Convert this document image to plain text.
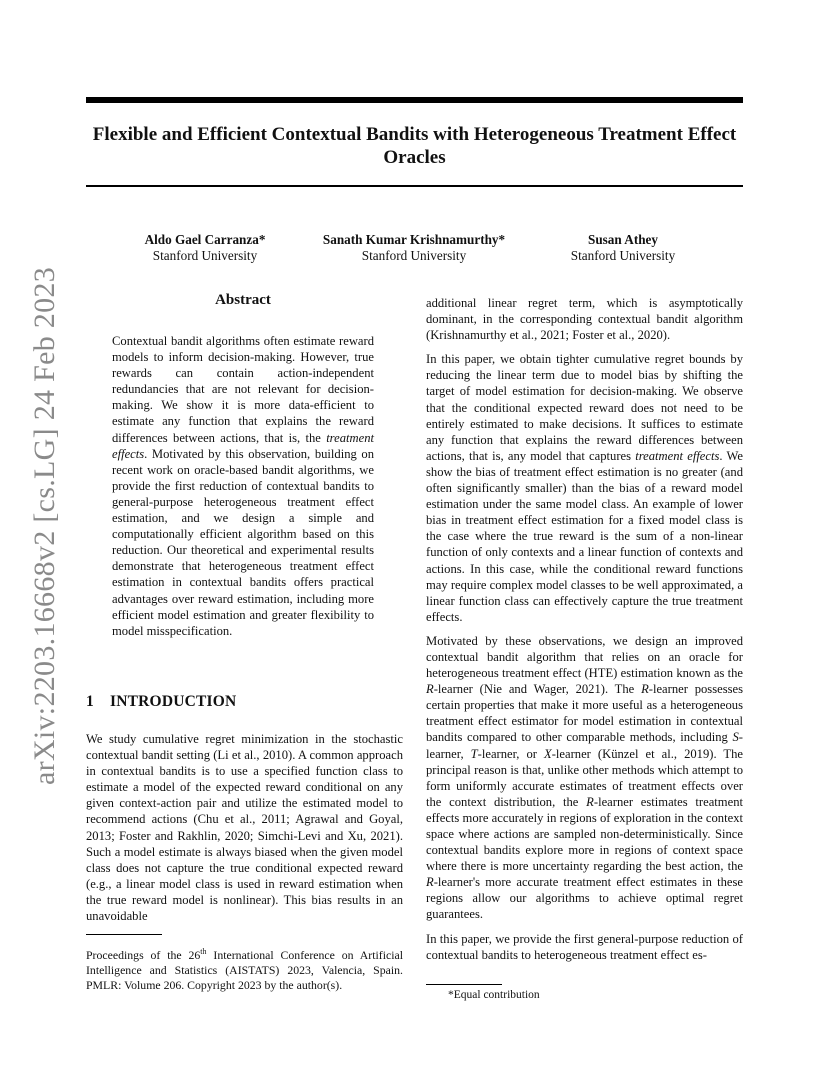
arXiv:2203.16668v2 [cs.LG] 24 Feb 2023
Flexible and Efficient Contextual Bandits with Heterogeneous Treatment Effect Oracles
Aldo Gael Carranza*
Stanford University
Sanath Kumar Krishnamurthy*
Stanford University
Susan Athey
Stanford University
Abstract

Contextual bandit algorithms often estimate reward models to inform decision-making. However, true rewards can contain action-independent redundancies that are not relevant for decision-making. We show it is more data-efficient to estimate any function that explains the reward differences between actions, that is, the treatment effects. Motivated by this observation, building on recent work on oracle-based bandit algorithms, we provide the first reduction of contextual bandits to general-purpose heterogeneous treatment effect estimation, and we design a simple and computationally efficient algorithm based on this reduction. Our theoretical and experimental results demonstrate that heterogeneous treatment effect estimation in contextual bandits offers practical advantages over reward estimation, including more efficient model estimation and greater flexibility to model misspecification.

1 INTRODUCTION

We study cumulative regret minimization in the stochastic contextual bandit setting (Li et al., 2010). A common approach in contextual bandits is to use a specified function class to estimate a model of the expected reward conditional on any given context-action pair and utilize the estimated model to recommend actions (Chu et al., 2011; Agrawal and Goyal, 2013; Foster and Rakhlin, 2020; Simchi-Levi and Xu, 2021). Such a model estimate is always biased when the given model class does not capture the true conditional expected reward (e.g., a linear model class is used in reward estimation when the true reward model is nonlinear). This bias results in an unavoidable

Proceedings of the 26th International Conference on Artificial Intelligence and Statistics (AISTATS) 2023, Valencia, Spain. PMLR: Volume 206. Copyright 2023 by the author(s).

additional linear regret term, which is asymptotically dominant, in the corresponding contextual bandit algorithm (Krishnamurthy et al., 2021; Foster et al., 2020).

In this paper, we obtain tighter cumulative regret bounds by reducing the linear term due to model bias by shifting the target of model estimation for decision-making. We observe that the conditional expected reward does not need to be entirely estimated to make decisions. It suffices to estimate any function that explains the reward differences between actions, that is, any model that captures treatment effects. We show the bias of treatment effect estimation is no greater (and often significantly smaller) than the bias of a reward model estimation under the same model class. An example of lower bias in treatment effect estimation for a fixed model class is the case where the true reward is the sum of a non-linear function of only contexts and a linear function of contexts and actions. In this case, while the conditional reward functions may require complex model classes to be well approximated, a linear function class can effectively capture the true treatment effects.

Motivated by these observations, we design an improved contextual bandit algorithm that relies on an oracle for heterogeneous treatment effect (HTE) estimation known as the R-learner (Nie and Wager, 2021). The R-learner possesses certain properties that make it more useful as a heterogeneous treatment effect estimator for model estimation in contextual bandits compared to other comparable methods, including S-learner, T-learner, or X-learner (Künzel et al., 2019). The principal reason is that, unlike other methods which attempt to form uniformly accurate estimates of treatment effects over the context distribution, the R-learner estimates treatment effects more accurately in regions of exploration in the context space where actions are sampled non-deterministically. Since contextual bandits explore more in regions of context space where there is more uncertainty regarding the best action, the R-learner's more accurate treatment effect estimates in these regions allow our algorithms to achieve optimal regret guarantees.

In this paper, we provide the first general-purpose reduction of contextual bandits to heterogeneous treatment effect es-

*Equal contribution
